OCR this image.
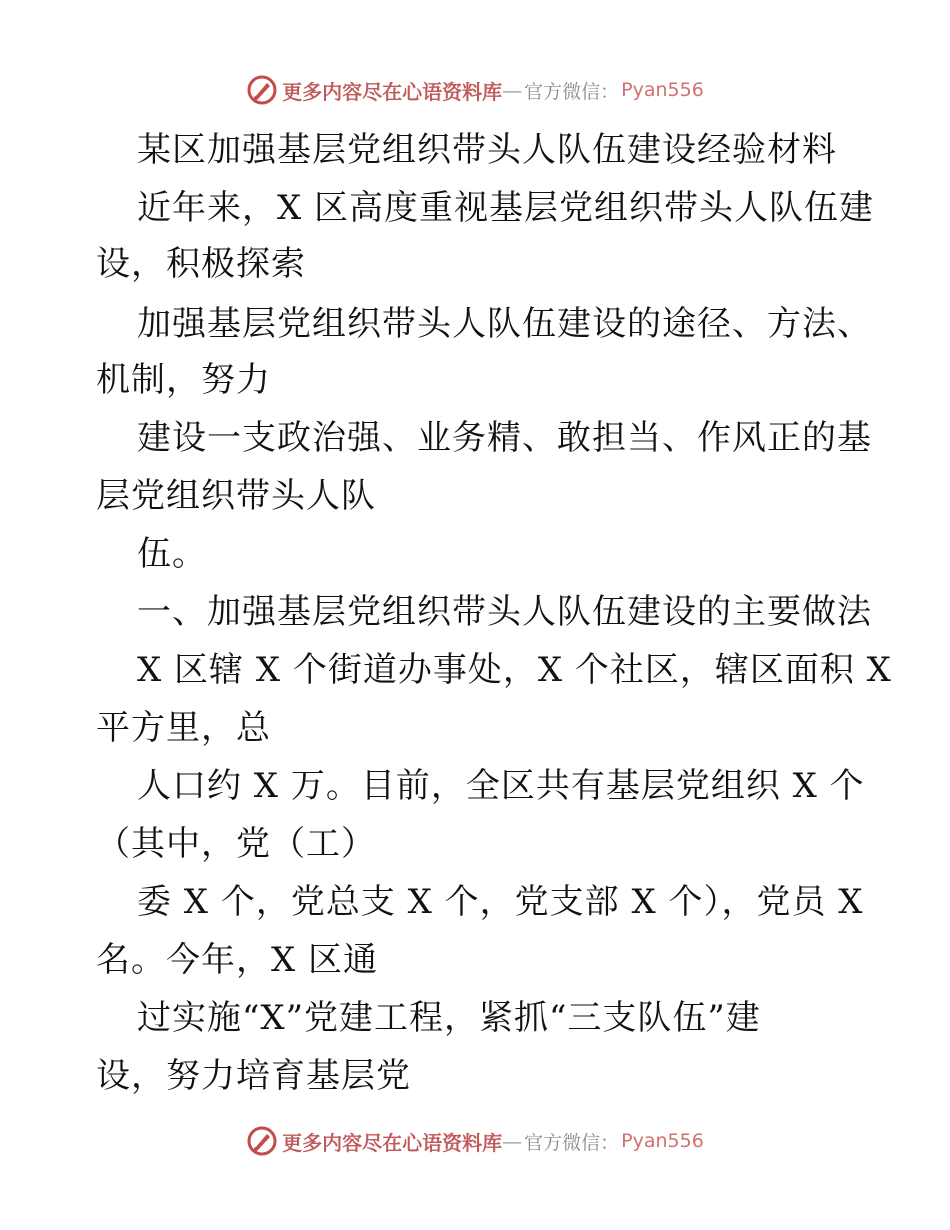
更多内容尽在心语资料库 — 官方微信： Pyan556
某区加强基层党组织带头人队伍建设经验材料
近年来，X 区高度重视基层党组织带头人队伍建
设，积极探索
加强基层党组织带头人队伍建设的途径、方法、
机制，努力
建设一支政治强、业务精、敢担当、作风正的基
层党组织带头人队
伍。
一、加强基层党组织带头人队伍建设的主要做法
X 区辖 X 个街道办事处，X 个社区，辖区面积 X
平方里，总
人口约 X 万。目前，全区共有基层党组织 X 个
（其中，党（工）
委 X 个，党总支 X 个，党支部 X 个），党员 X
名。今年，X 区通
过实施“X”党建工程，紧抓“三支队伍”建
设，努力培育基层党
更多内容尽在心语资料库 — 官方微信： Pyan556
